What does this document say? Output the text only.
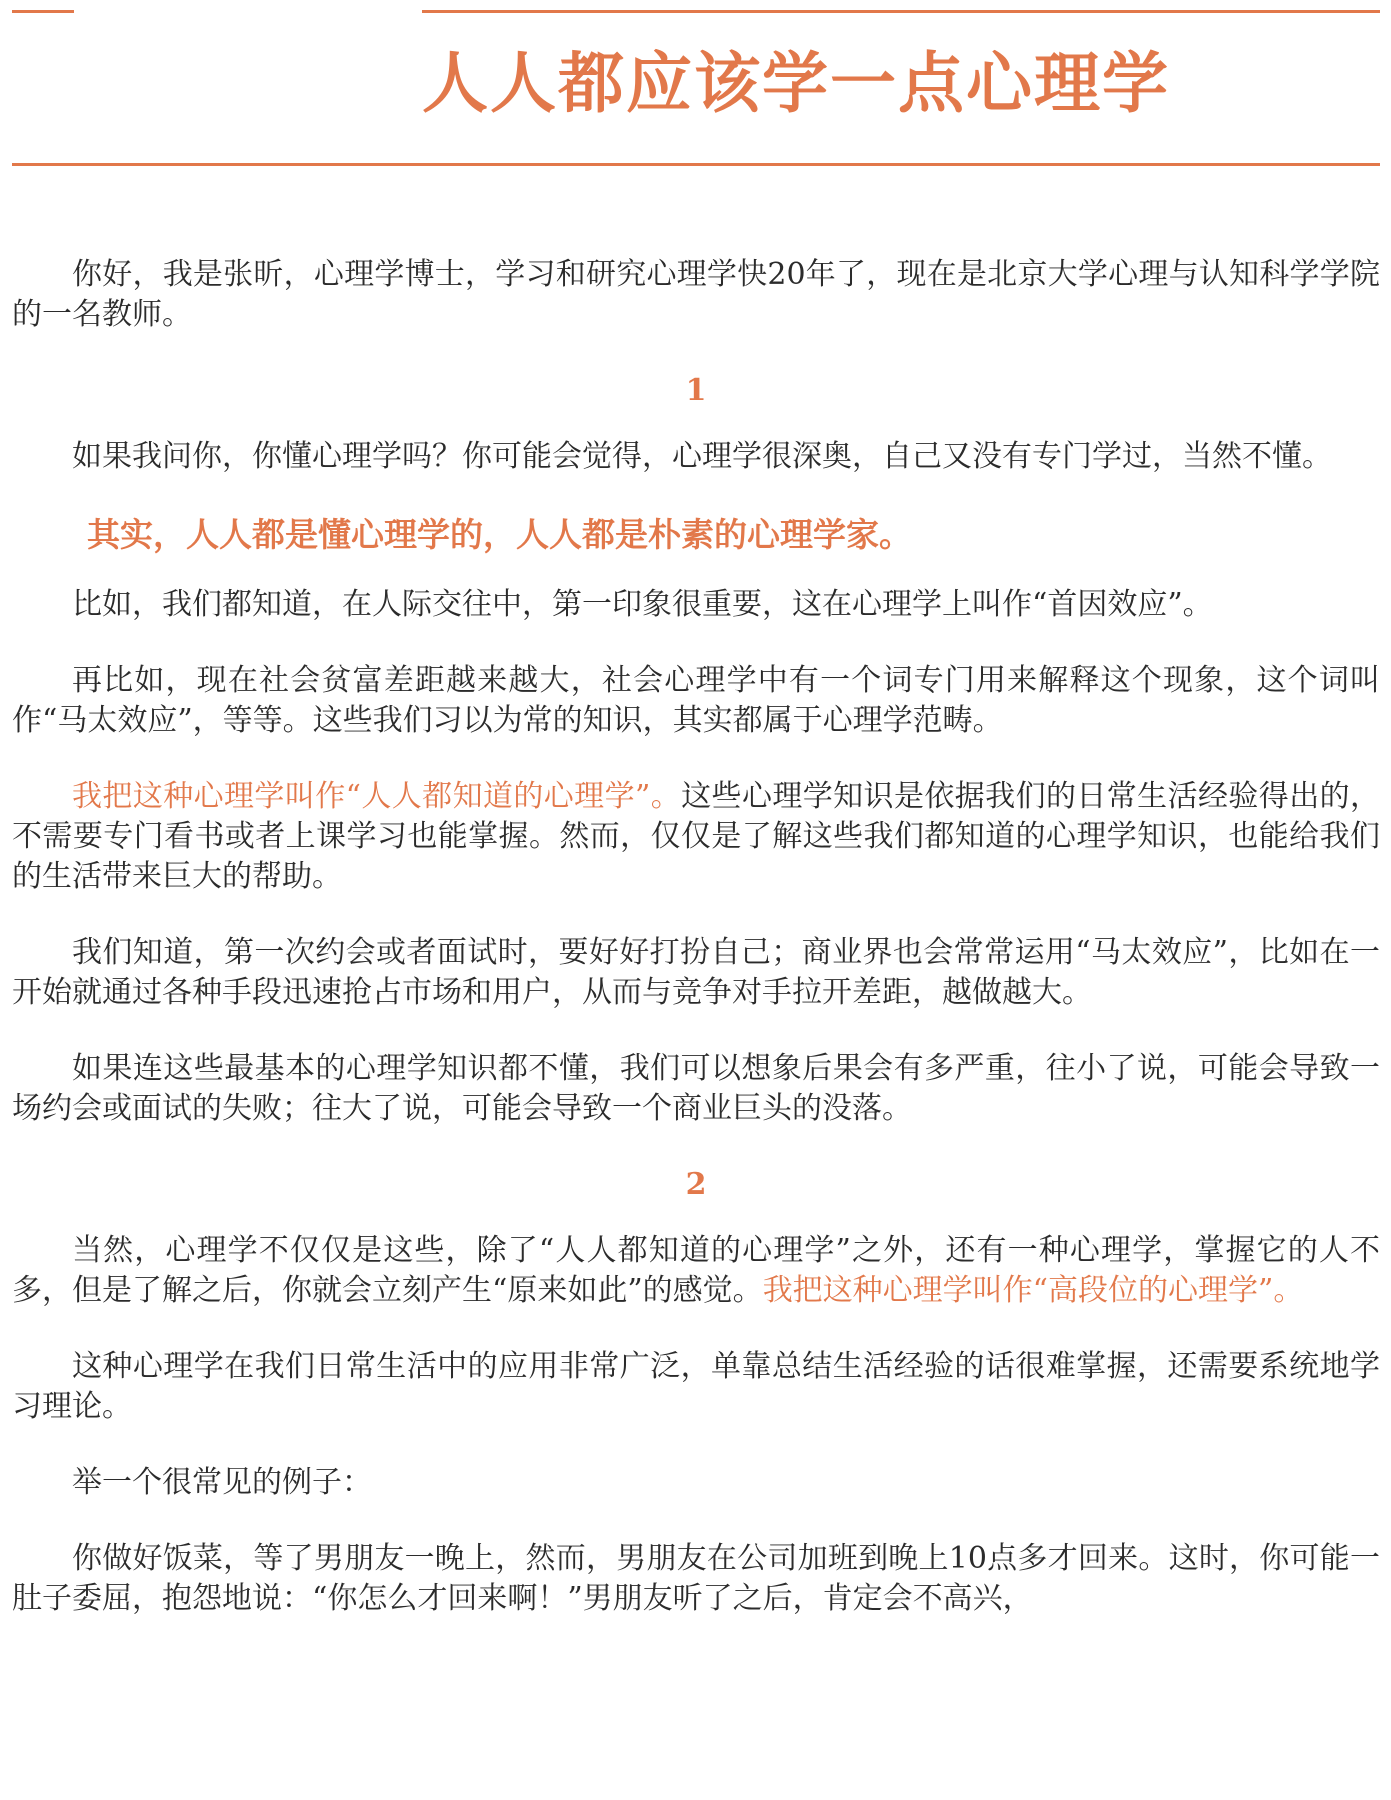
人人都应该学一点心理学

你好，我是张昕，心理学博士，学习和研究心理学快20年了，现在是北京大学心理与认知科学学院的一名教师。

1

如果我问你，你懂心理学吗？你可能会觉得，心理学很深奥，自己又没有专门学过，当然不懂。

其实，人人都是懂心理学的，人人都是朴素的心理学家。

比如，我们都知道，在人际交往中，第一印象很重要，这在心理学上叫作“首因效应”。

再比如，现在社会贫富差距越来越大，社会心理学中有一个词专门用来解释这个现象，这个词叫作“马太效应”，等等。这些我们习以为常的知识，其实都属于心理学范畴。

我把这种心理学叫作“人人都知道的心理学”。这些心理学知识是依据我们的日常生活经验得出的，不需要专门看书或者上课学习也能掌握。然而，仅仅是了解这些我们都知道的心理学知识，也能给我们的生活带来巨大的帮助。

我们知道，第一次约会或者面试时，要好好打扮自己；商业界也会常常运用“马太效应”，比如在一开始就通过各种手段迅速抢占市场和用户，从而与竞争对手拉开差距，越做越大。

如果连这些最基本的心理学知识都不懂，我们可以想象后果会有多严重，往小了说，可能会导致一场约会或面试的失败；往大了说，可能会导致一个商业巨头的没落。

2

当然，心理学不仅仅是这些，除了“人人都知道的心理学”之外，还有一种心理学，掌握它的人不多，但是了解之后，你就会立刻产生“原来如此”的感觉。我把这种心理学叫作“高段位的心理学”。

这种心理学在我们日常生活中的应用非常广泛，单靠总结生活经验的话很难掌握，还需要系统地学习理论。

举一个很常见的例子：

你做好饭菜，等了男朋友一晚上，然而，男朋友在公司加班到晚上10点多才回来。这时，你可能一肚子委屈，抱怨地说：“你怎么才回来啊！”男朋友听了之后，肯定会不高兴，
